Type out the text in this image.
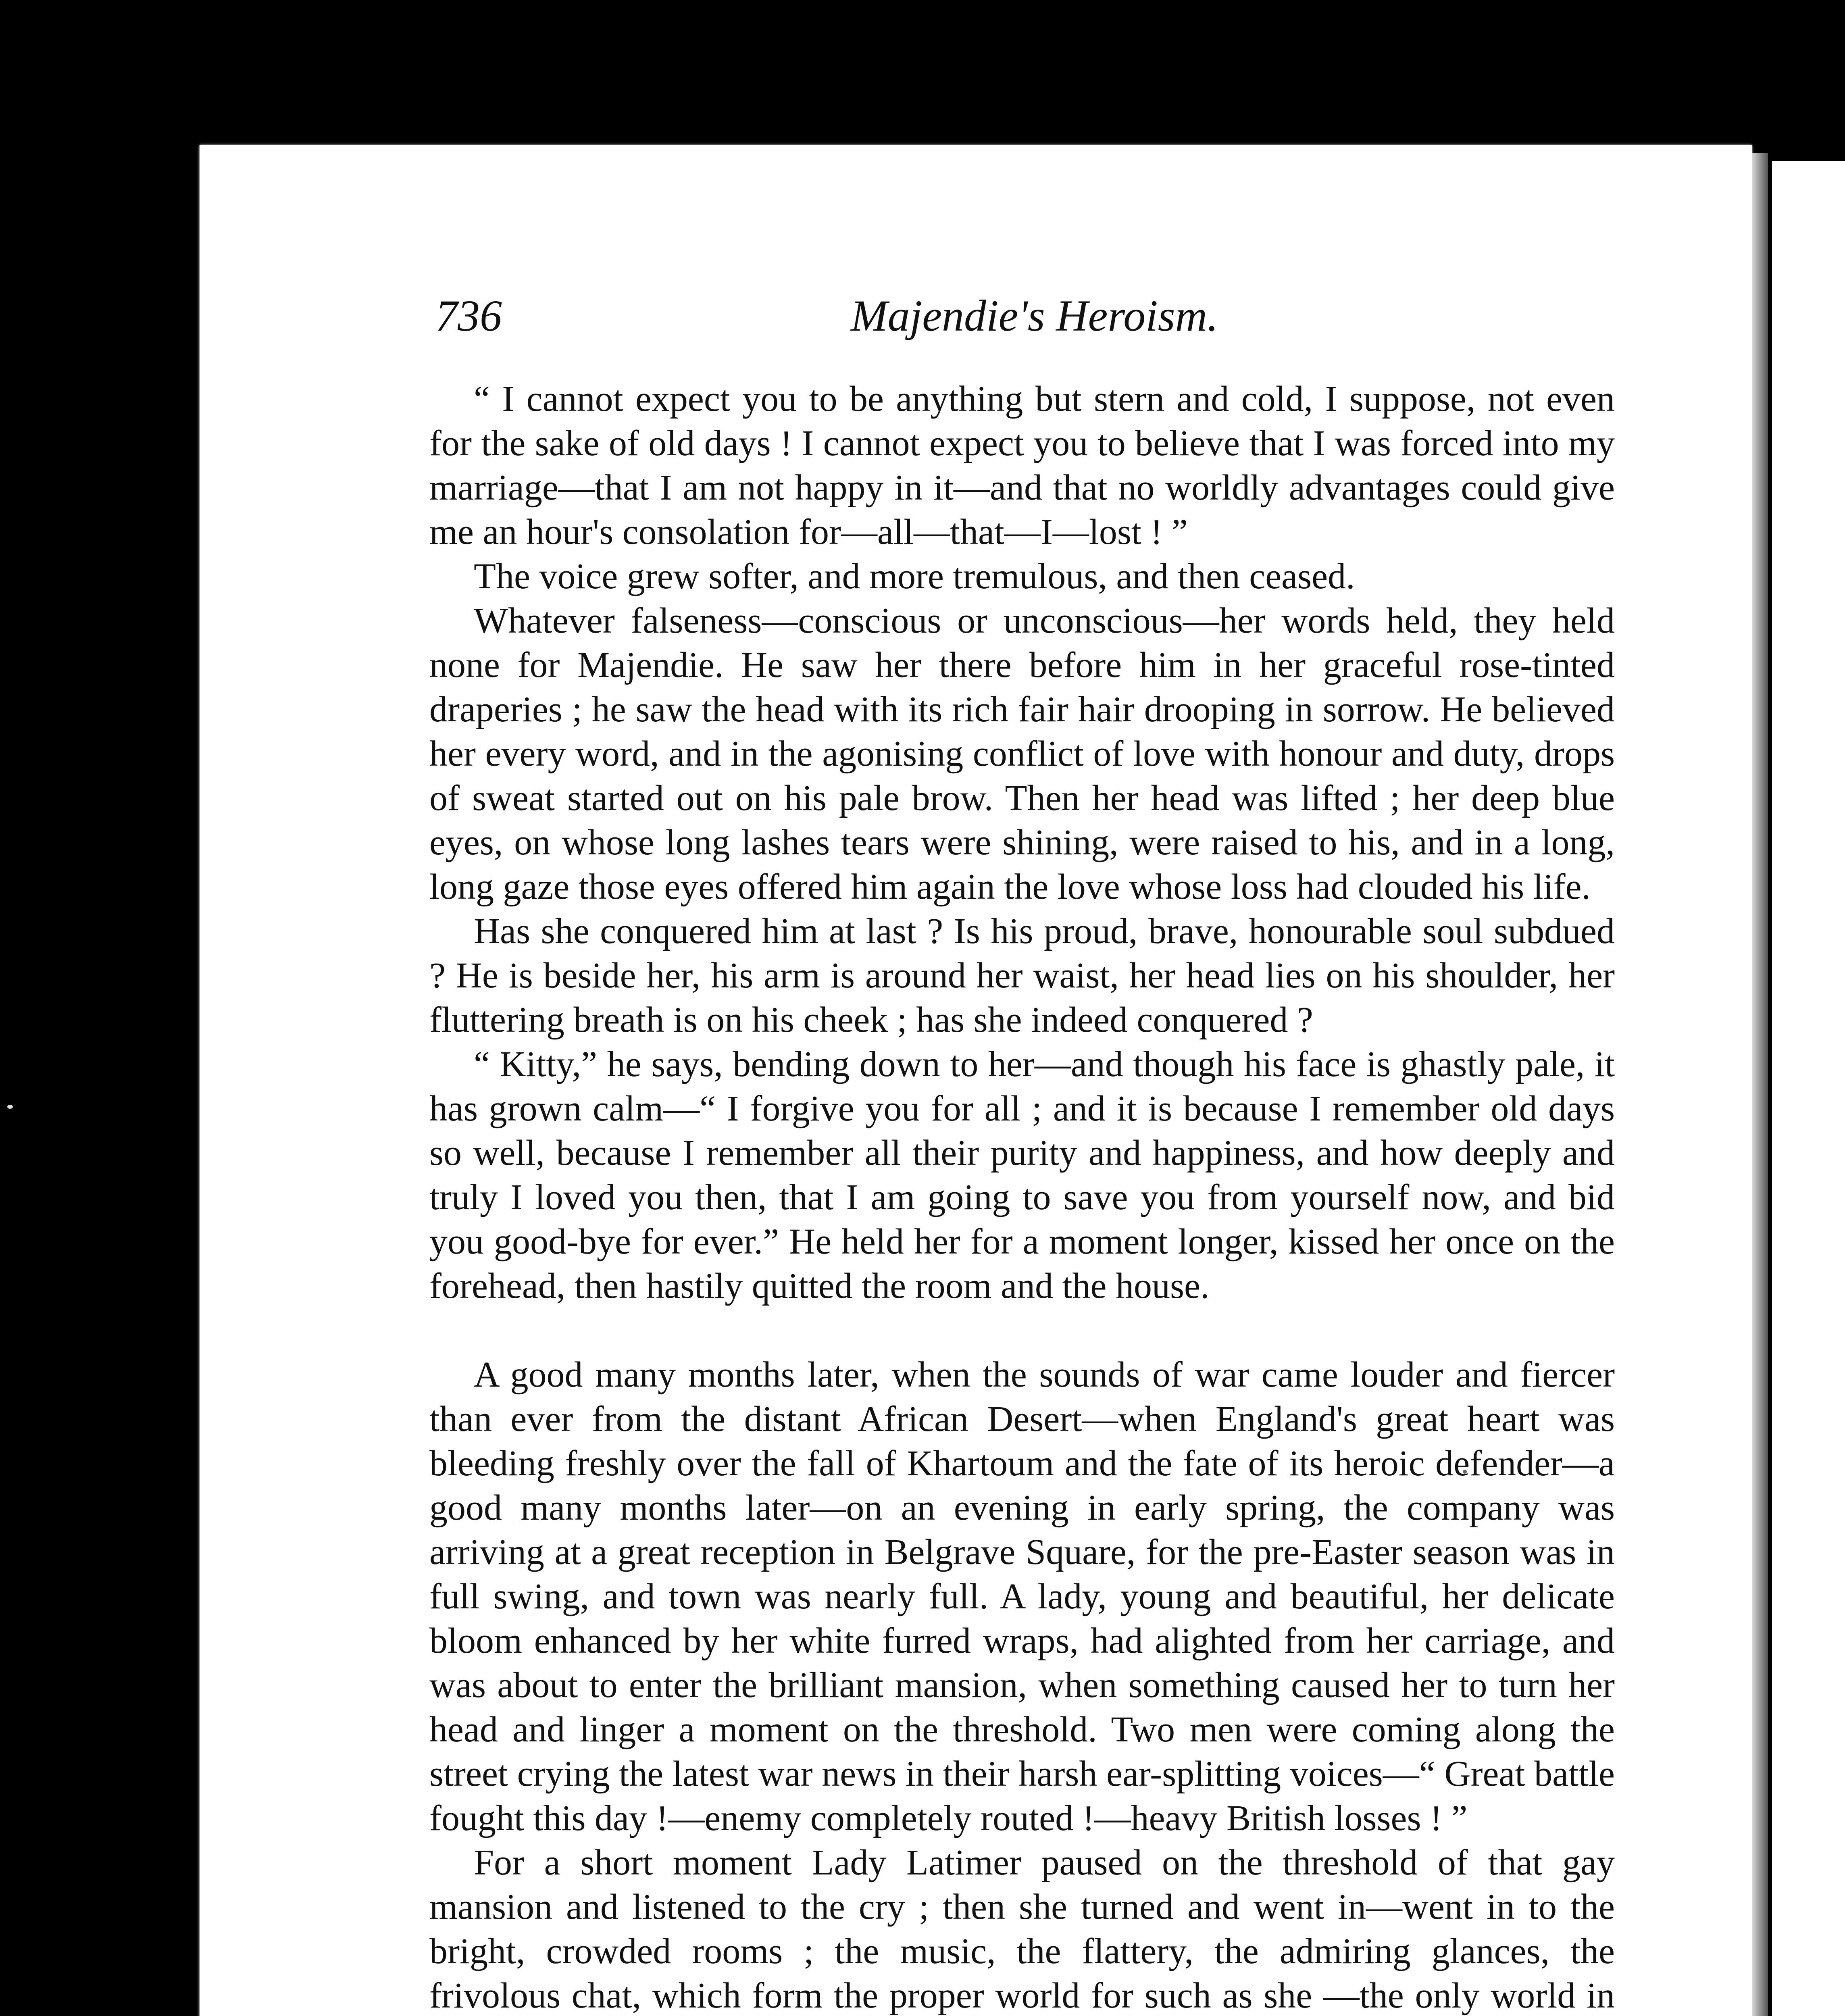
736	Majendie's Heroism.

“ I cannot expect you to be anything but stern and cold, I suppose, not even for the sake of old days ! I cannot expect you to believe that I was forced into my marriage—that I am not happy in it—and that no worldly advantages could give me an hour's consolation for—all—that—I—lost ! ”

The voice grew softer, and more tremulous, and then ceased.

Whatever falseness—conscious or unconscious—her words held, they held none for Majendie. He saw her there before him in her graceful rose-tinted draperies ; he saw the head with its rich fair hair drooping in sorrow. He believed her every word, and in the agonising conflict of love with honour and duty, drops of sweat started out on his pale brow. Then her head was lifted ; her deep blue eyes, on whose long lashes tears were shining, were raised to his, and in a long, long gaze those eyes offered him again the love whose loss had clouded his life.

Has she conquered him at last ? Is his proud, brave, honourable soul subdued ? He is beside her, his arm is around her waist, her head lies on his shoulder, her fluttering breath is on his cheek ; has she indeed conquered ?

“ Kitty,” he says, bending down to her—and though his face is ghastly pale, it has grown calm—“ I forgive you for all ; and it is because I remember old days so well, because I remember all their purity and happiness, and how deeply and truly I loved you then, that I am going to save you from yourself now, and bid you good-bye for ever.” He held her for a moment longer, kissed her once on the forehead, then hastily quitted the room and the house.

A good many months later, when the sounds of war came louder and fiercer than ever from the distant African Desert—when England's great heart was bleeding freshly over the fall of Khartoum and the fate of its heroic defender—a good many months later—on an evening in early spring, the company was arriving at a great reception in Belgrave Square, for the pre-Easter season was in full swing, and town was nearly full. A lady, young and beautiful, her delicate bloom enhanced by her white furred wraps, had alighted from her carriage, and was about to enter the brilliant mansion, when something caused her to turn her head and linger a moment on the threshold. Two men were coming along the street crying the latest war news in their harsh ear-splitting voices—“ Great battle fought this day !—enemy completely routed !—heavy British losses ! ”

For a short moment Lady Latimer paused on the threshold of that gay mansion and listened to the cry ; then she turned and went in—went in to the bright, crowded rooms ; the music, the flattery, the admiring glances, the frivolous chat, which form the proper world for such as she —the only world in
